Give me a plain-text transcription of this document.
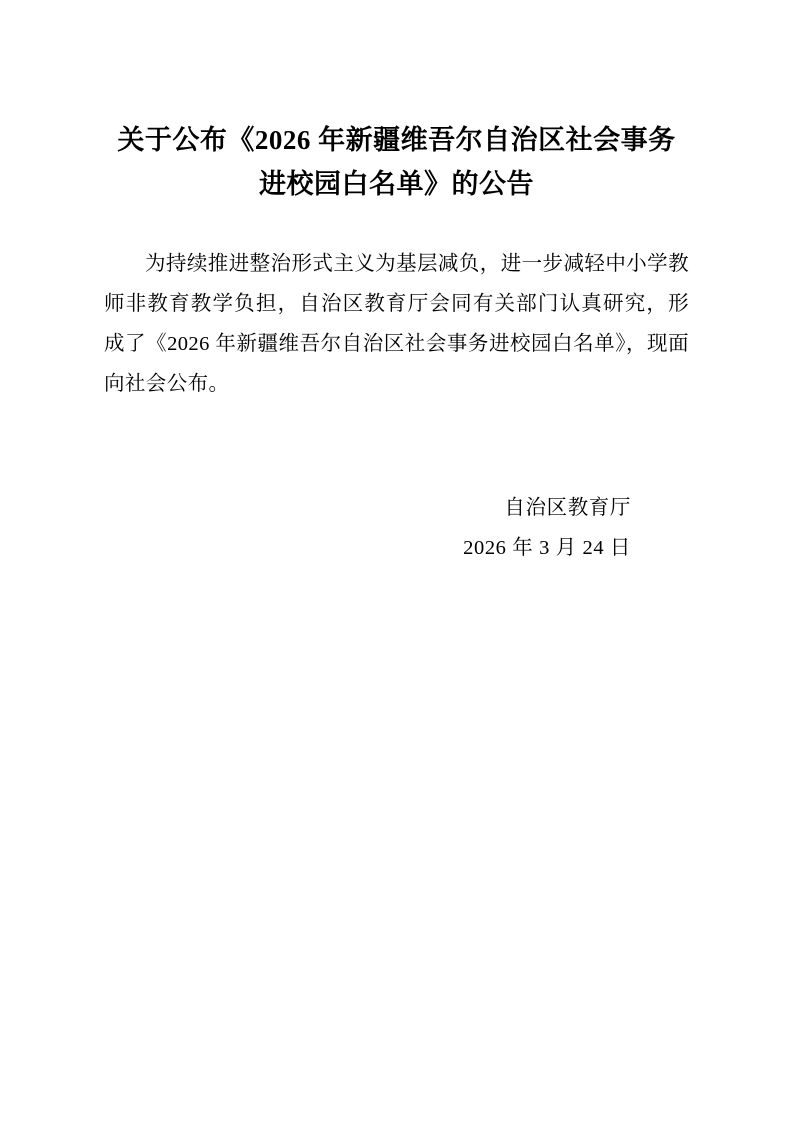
关于公布《2026 年新疆维吾尔自治区社会事务进校园白名单》的公告

为持续推进整治形式主义为基层减负，进一步减轻中小学教师非教育教学负担，自治区教育厅会同有关部门认真研究，形成了《2026 年新疆维吾尔自治区社会事务进校园白名单》，现面向社会公布。

自治区教育厅
2026 年 3 月 24 日
